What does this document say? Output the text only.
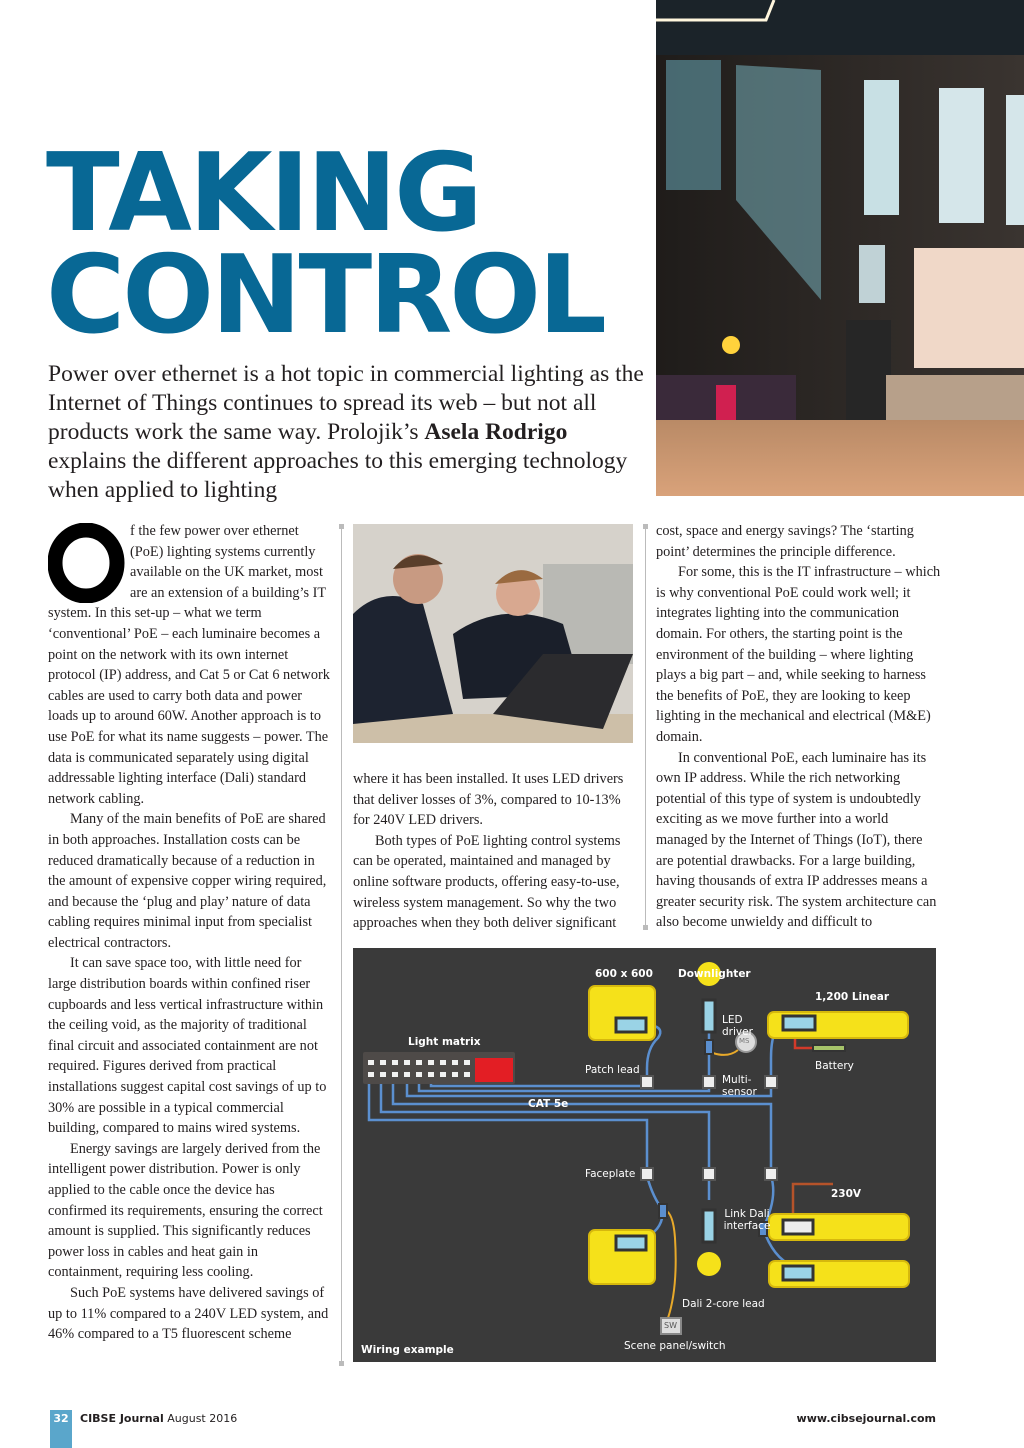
TAKING
CONTROL
Power over ethernet is a hot topic in commercial lighting as the Internet of Things continues to spread its web – but not all products work the same way. Prolojik’s Asela Rodrigo explains the different approaches to this emerging technology when applied to lighting

f the few power over ethernet (PoE) lighting systems currently available on the UK market, most are an extension of a building’s IT system. In this set-up – what we term ‘conventional’ PoE – each luminaire becomes a point on the network with its own internet protocol (IP) address, and Cat 5 or Cat 6 network cables are used to carry both data and power loads up to around 60W. Another approach is to use PoE for what its name suggests – power. The data is communicated separately using digital addressable lighting interface (Dali) standard network cabling.

Many of the main benefits of PoE are shared in both approaches. Installation costs can be reduced dramatically because of a reduction in the amount of expensive copper wiring required, and because the ‘plug and play’ nature of data cabling requires minimal input from specialist electrical contractors.

It can save space too, with little need for large distribution boards within confined riser cupboards and less vertical infrastructure within the ceiling void, as the majority of traditional final circuit and associated containment are not required. Figures derived from practical installations suggest capital cost savings of up to 30% are possible in a typical commercial building, compared to mains wired systems.

Energy savings are largely derived from the intelligent power distribution. Power is only applied to the cable once the device has confirmed its requirements, ensuring the correct amount is supplied. This significantly reduces power loss in cables and heat gain in containment, requiring less cooling.

Such PoE systems have delivered savings of up to 11% compared to a 240V LED system, and 46% compared to a T5 fluorescent scheme

where it has been installed. It uses LED drivers that deliver losses of 3%, compared to 10-13% for 240V LED drivers.

Both types of PoE lighting control systems can be operated, maintained and managed by online software products, offering easy-to-use, wireless system management. So why the two approaches when they both deliver significant

cost, space and energy savings? The ‘starting point’ determines the principle difference.

For some, this is the IT infrastructure – which is why conventional PoE could work well; it integrates lighting into the communication domain. For others, the starting point is the environment of the building – where lighting plays a big part – and, while seeking to harness the benefits of PoE, they are looking to keep lighting in the mechanical and electrical (M&E) domain.

In conventional PoE, each luminaire has its own IP address. While the rich networking potential of this type of system is undoubtedly exciting as we move further into a world managed by the Internet of Things (IoT), there are potential drawbacks. For a large building, having thousands of extra IP addresses means a greater security risk. The system architecture can also become unwieldy and difficult to

Light matrix
CAT 5e
600 x 600 Downlighter
1,200 Linear
LED driver
MS
Multi-sensor
Battery
Patch lead
Faceplate
230V
Link Dali interface
Dali 2-core lead
SW
Scene panel/switch
Wiring example
32	CIBSE Journal August 2016	www.cibsejournal.com
